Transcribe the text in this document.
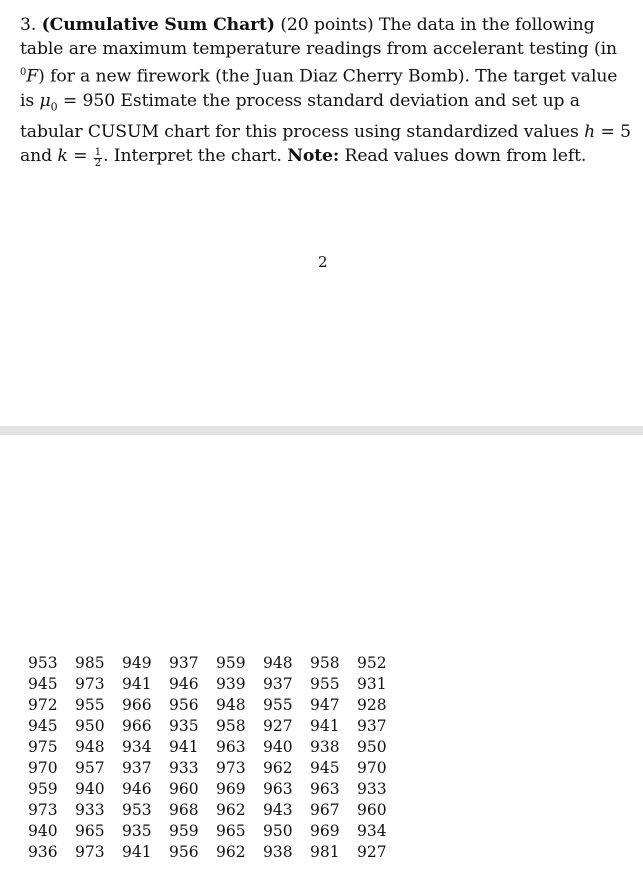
3. (Cumulative Sum Chart) (20 points) The data in the following table are maximum temperature readings from accelerant testing (in $^0$F) for a new firework (the Juan Diaz Cherry Bomb). The target value is $\mu_0 = 950$ Estimate the process standard deviation and set up a tabular CUSUM chart for this process using standardized values h = 5 and $k = \frac{1}{2}$ . Interpret the chart. Note: Read values down from left.
2
953	985	949	937	959	948	958	952
945	973	941	946	939	937	955	931
972	955	966	956	948	955	947	928
945	950	966	935	958	927	941	937
975	948	934	941	963	940	938	950
970	957	937	933	973	962	945	970
959	940	946	960	969	963	963	933
973	933	953	968	962	943	967	960
940	965	935	959	965	950	969	934
936	973	941	956	962	938	981	927
